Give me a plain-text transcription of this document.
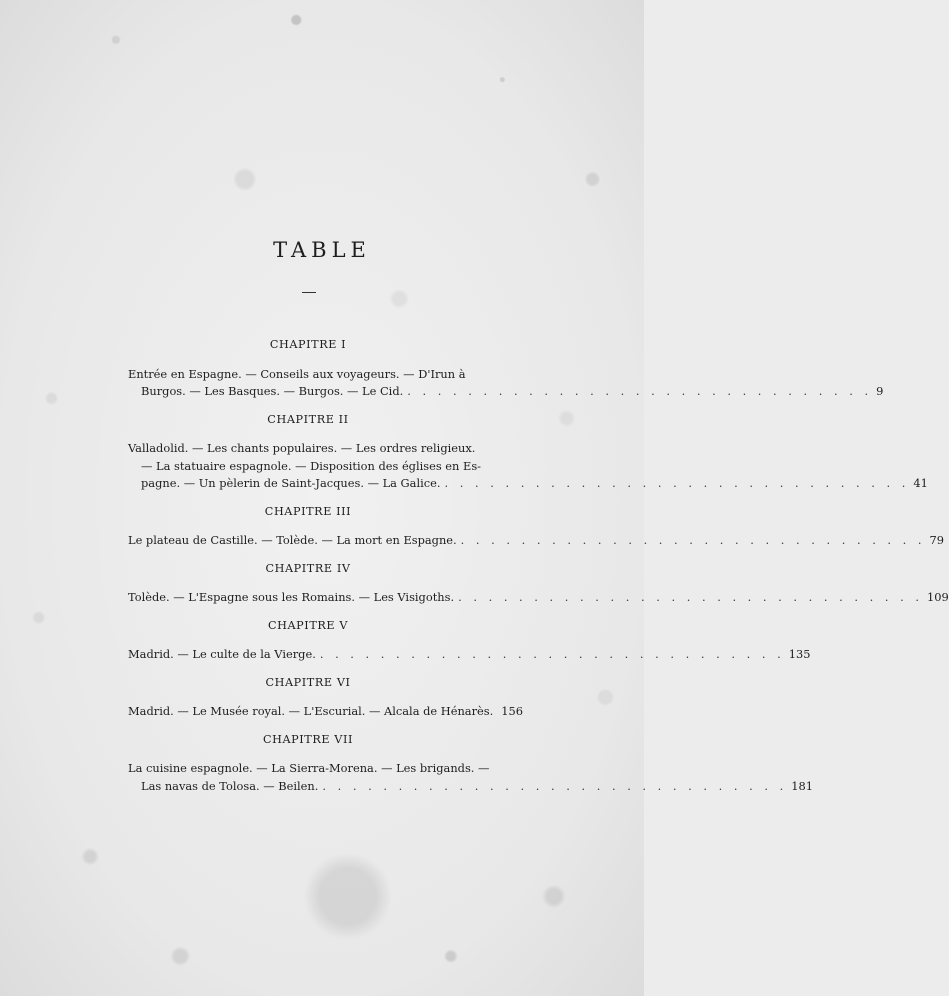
TABLE
CHAPITRE I
Entrée en Espagne. — Conseils aux voyageurs. — D'Irun à
Burgos. — Les Basques. — Burgos. — Le Cid. . . . . . . . . . . . . . . . . . . . . . . . . . . . . . . . 9
CHAPITRE II
Valladolid. — Les chants populaires. — Les ordres religieux.
— La statuaire espagnole. — Disposition des églises en Es-
pagne. — Un pèlerin de Saint-Jacques. — La Galice. . . . . . . . . . . . . . . . . . . . . . . . . . . . . . . . 41
CHAPITRE III
Le plateau de Castille. — Tolède. — La mort en Espagne. . . . . . . . . . . . . . . . . . . . . . . . . . . . . . . . 79
CHAPITRE IV
Tolède. — L'Espagne sous les Romains. — Les Visigoths. . . . . . . . . . . . . . . . . . . . . . . . . . . . . . . . 109
CHAPITRE V
Madrid. — Le culte de la Vierge. . . . . . . . . . . . . . . . . . . . . . . . . . . . . . . . 135
CHAPITRE VI
Madrid. — Le Musée royal. — L'Escurial. — Alcala de Hénarès. 156
CHAPITRE VII
La cuisine espagnole. — La Sierra-Morena. — Les brigands. —
Las navas de Tolosa. — Beilen. . . . . . . . . . . . . . . . . . . . . . . . . . . . . . . . 181
